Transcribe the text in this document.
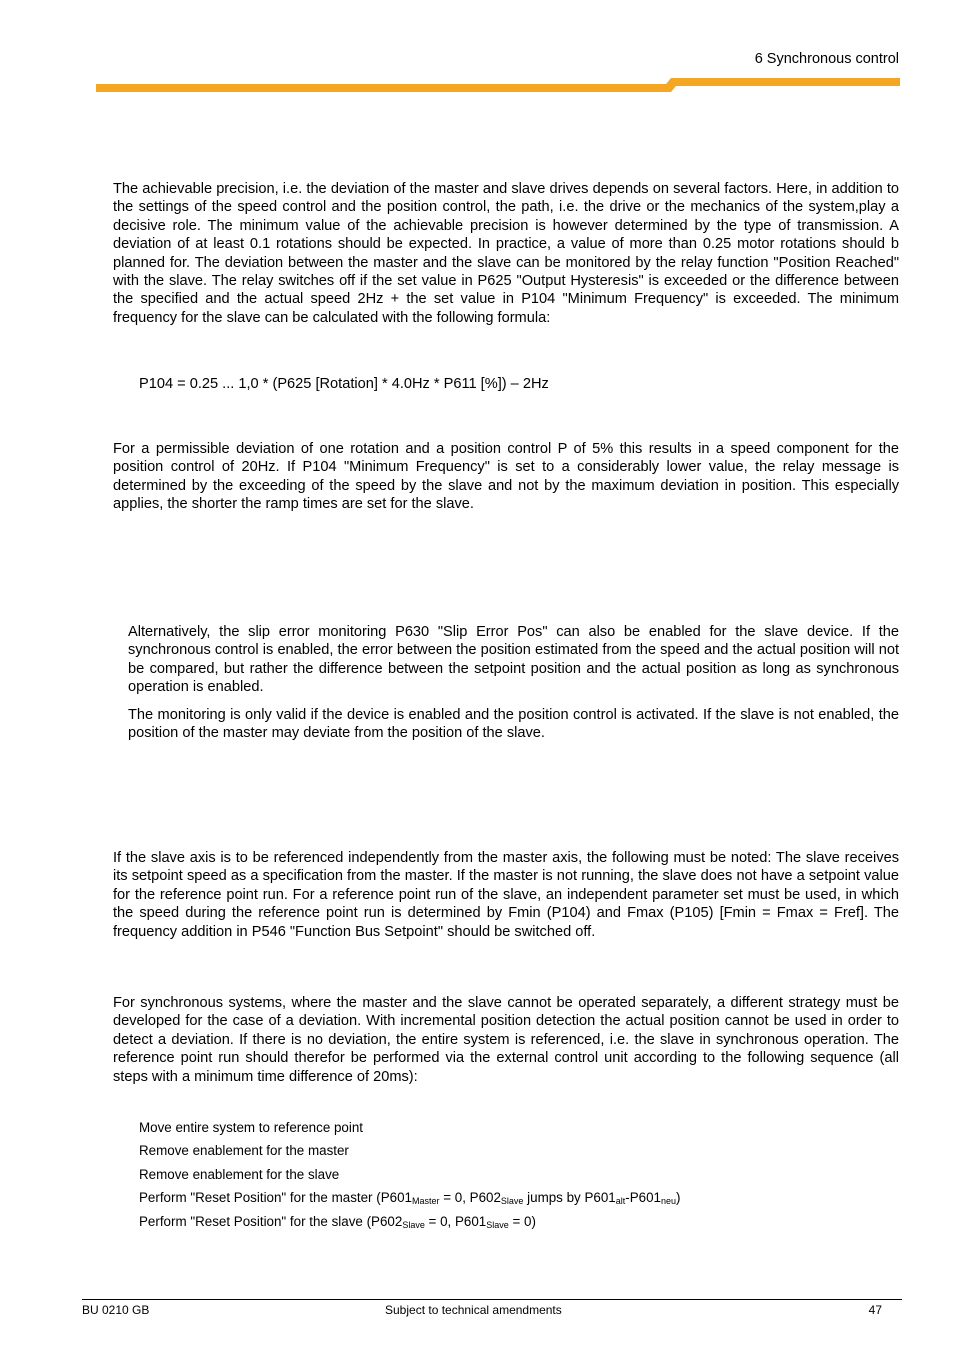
6 Synchronous control

The achievable precision, i.e. the deviation of the master and slave drives depends on several factors. Here, in addition to the settings of the speed control and the position control, the path, i.e. the drive or the mechanics of the system,play a decisive role. The minimum value of the achievable precision is however determined by the type of transmission. A deviation of at least 0.1 rotations should be expected. In practice, a value of more than 0.25 motor rotations should b planned for. The deviation between the master and the slave can be monitored by the relay function "Position Reached" with the slave. The relay switches off if the set value in P625 "Output Hysteresis" is exceeded or the difference between the specified and the actual speed 2Hz + the set value in P104 "Minimum Frequency" is exceeded. The minimum frequency for the slave can be calculated with the following formula:

P104 = 0.25 ... 1,0 * (P625 [Rotation] * 4.0Hz * P611 [%]) – 2Hz

For a permissible deviation of one rotation and a position control P of 5% this results in a speed component for the position control of 20Hz. If P104 "Minimum Frequency" is set to a considerably lower value, the relay message is determined by the exceeding of the speed by the slave and not by the maximum deviation in position. This especially applies, the shorter the ramp times are set for the slave.

Alternatively, the slip error monitoring P630 "Slip Error Pos" can also be enabled for the slave device. If the synchronous control is enabled, the error between the position estimated from the speed and the actual position will not be compared, but rather the difference between the setpoint position and the actual position as long as synchronous operation is enabled.

The monitoring is only valid if the device is enabled and the position control is activated. If the slave is not enabled, the position of the master may deviate from the position of the slave.

If the slave axis is to be referenced independently from the master axis, the following must be noted: The slave receives its setpoint speed as a specification from the master. If the master is not running, the slave does not have a setpoint value for the reference point run. For a reference point run of the slave, an independent parameter set must be used, in which the speed during the reference point run is determined by Fmin (P104) and Fmax (P105) [Fmin = Fmax = Fref]. The frequency addition in P546 "Function Bus Setpoint" should be switched off.

For synchronous systems, where the master and the slave cannot be operated separately, a different strategy must be developed for the case of a deviation. With incremental position detection the actual position cannot be used in order to detect a deviation. If there is no deviation, the entire system is referenced, i.e. the slave in synchronous operation. The reference point run should therefor be performed via the external control unit according to the following sequence (all steps with a minimum time difference of 20ms):

Move entire system to reference point
Remove enablement for the master
Remove enablement for the slave
Perform "Reset Position" for the master ($P601_{Master} = 0$, $P602_{Slave}$ jumps by $P601_{alt}-P601_{neu}$)
Perform "Reset Position" for the slave ($P602_{Slave} = 0$, $P601_{Slave} = 0$)
BU 0210 GB	Subject to technical amendments	47
